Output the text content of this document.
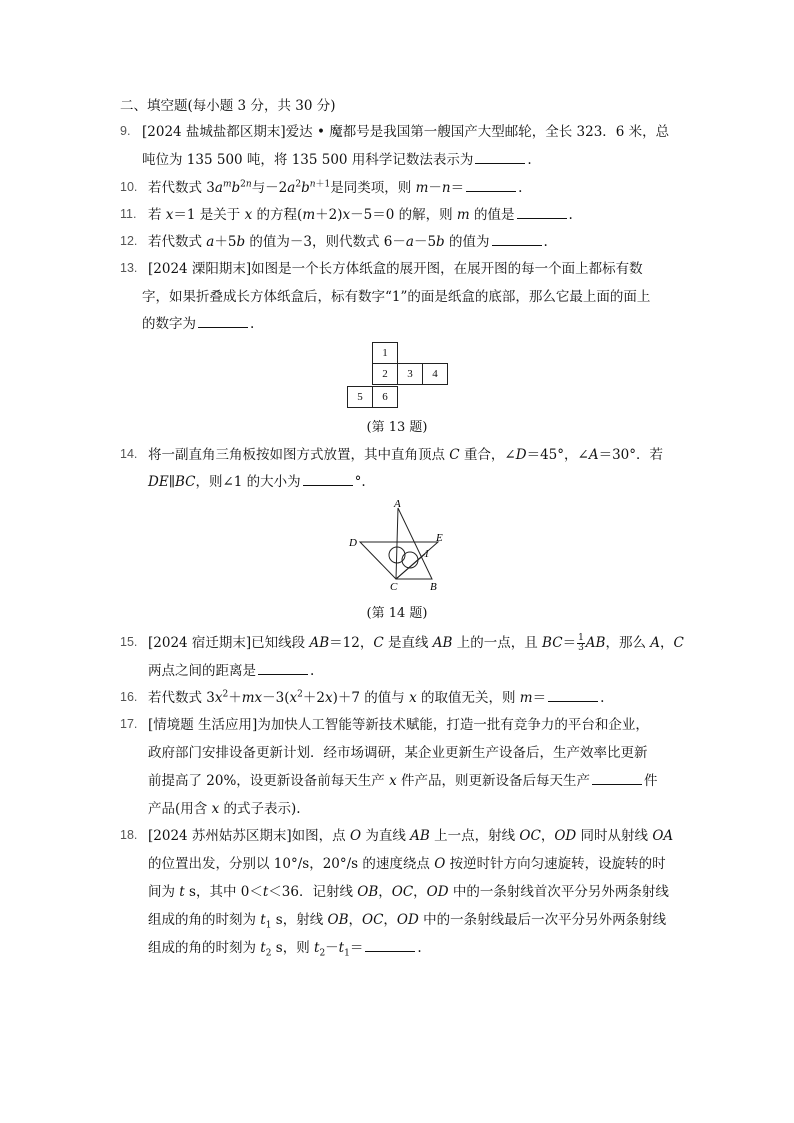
二、填空题(每小题 3 分，共 30 分)
9. [2024 盐城盐都区期末]爱达 • 魔都号是我国第一艘国产大型邮轮，全长 323．6 米，总
吨位为 135 500 吨，将 135 500 用科学记数法表示为	.
10. 若代数式 $3a^mb^{2n}$与$-2a^2b^{n+1}$是同类项，则 m－n＝	.
11. 若 x＝1 是关于 x 的方程(m＋2)x－5＝0 的解，则 m 的值是	.
12. 若代数式 a＋5b 的值为－3，则代数式 6－a－5b 的值为	.
13. [2024 溧阳期末]如图是一个长方体纸盒的展开图，在展开图的每一个面上都标有数
字，如果折叠成长方体纸盒后，标有数字“1”的面是纸盒的底部，那么它最上面的面上
的数字为	.
1
2	3	4
5	6
(第 13 题)
14. 将一副直角三角板按如图方式放置，其中直角顶点 C 重合，∠D＝45°，∠A＝30°．若
DE∥BC，则∠1 的大小为	°.
A
D	E
C	B
1
(第 14 题)
15. [2024 宿迁期末]已知线段 AB＝12，C 是直线 AB 上的一点，且 $BC= \frac{1}{3}$ AB，那么 A，C
两点之间的距离是	.
16. 若代数式 $3x^2+mx-3(x^2+2x)+7$ 的值与 x 的取值无关，则 m＝	.
17. [情境题 生活应用]为加快人工智能等新技术赋能，打造一批有竞争力的平台和企业，
政府部门安排设备更新计划．经市场调研，某企业更新生产设备后，生产效率比更新
前提高了 20%，设更新设备前每天生产 x 件产品，则更新设备后每天生产	件
产品(用含 x 的式子表示).
18. [2024 苏州姑苏区期末]如图，点 O 为直线 AB 上一点，射线 OC，OD 同时从射线 OA
的位置出发，分别以 10°/s，20°/s 的速度绕点 O 按逆时针方向匀速旋转，设旋转的时
间为 t s，其中 0＜t＜36．记射线 OB，OC，OD 中的一条射线首次平分另外两条射线
组成的角的时刻为 $t_1$ s，射线 OB，OC，OD 中的一条射线最后一次平分另外两条射线
组成的角的时刻为 $t_2$ s，则 $t_2-t_1=$	.
